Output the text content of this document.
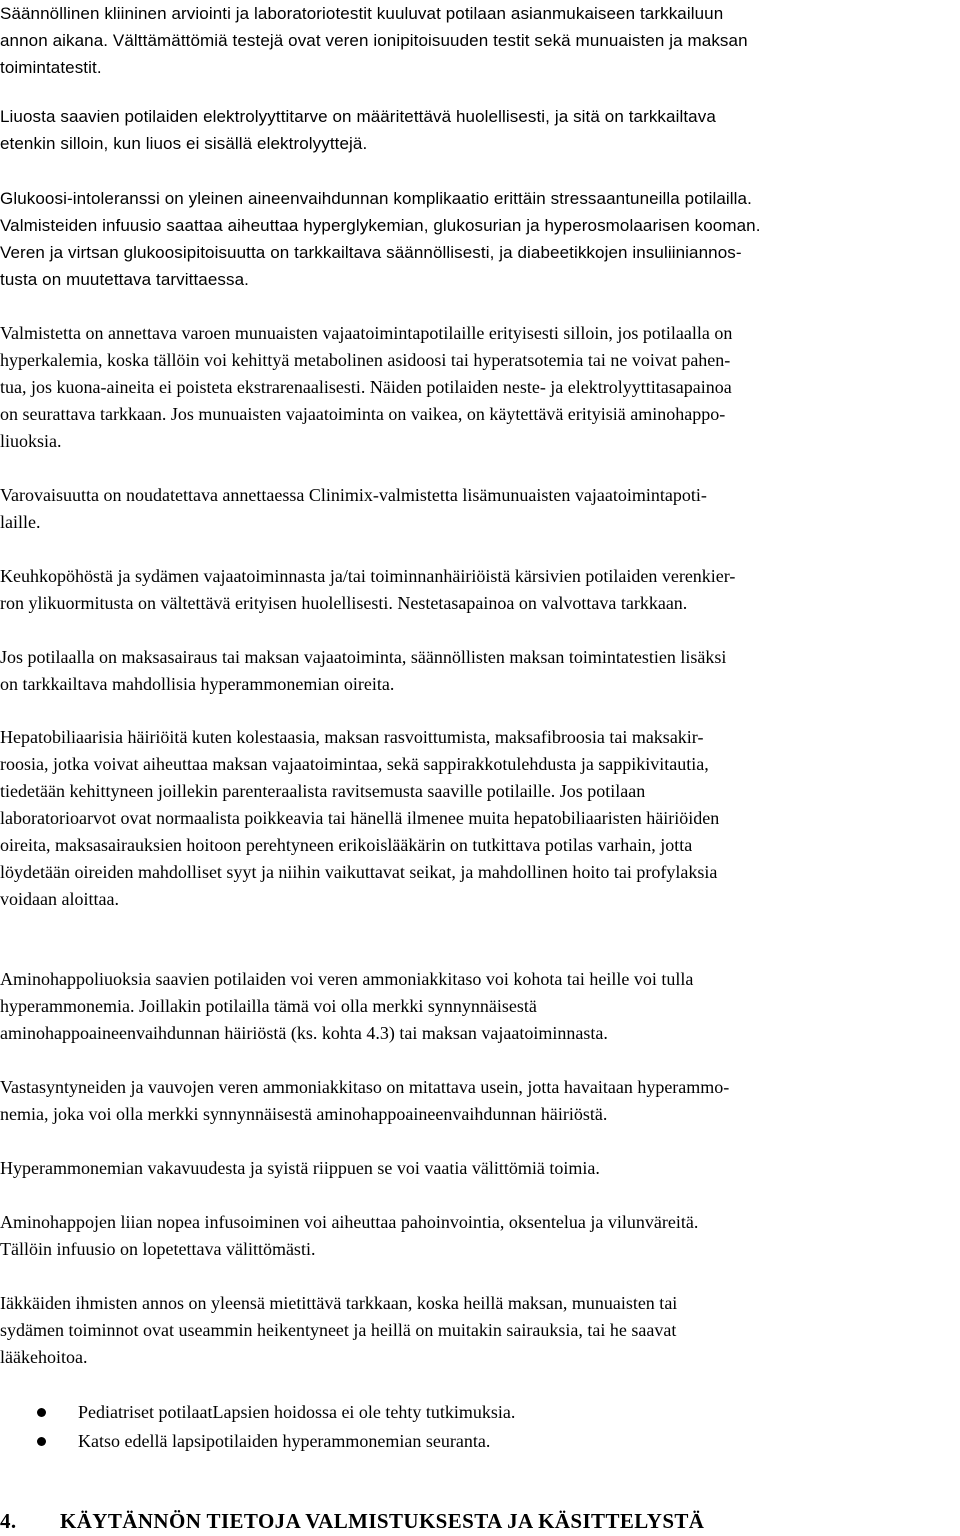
Säännöllinen kliininen arviointi ja laboratoriotestit kuuluvat potilaan asianmukaiseen tarkkailuun
annon aikana. Välttämättömiä testejä ovat veren ionipitoisuuden testit sekä munuaisten ja maksan
toimintatestit.
Liuosta saavien potilaiden elektrolyyttitarve on määritettävä huolellisesti, ja sitä on tarkkailtava
etenkin silloin, kun liuos ei sisällä elektrolyyttejä.
Glukoosi-intoleranssi on yleinen aineenvaihdunnan komplikaatio erittäin stressaantuneilla potilailla.
Valmisteiden infuusio saattaa aiheuttaa hyperglykemian, glukosurian ja hyperosmolaarisen kooman.
Veren ja virtsan glukoosipitoisuutta on tarkkailtava säännöllisesti, ja diabeetikkojen insuliiniannos-
tusta on muutettava tarvittaessa.
Valmistetta on annettava varoen munuaisten vajaatoimintapotilaille erityisesti silloin, jos potilaalla on
hyperkalemia, koska tällöin voi kehittyä metabolinen asidoosi tai hyperatsotemia tai ne voivat pahen-
tua, jos kuona-aineita ei poisteta ekstrarenaalisesti. Näiden potilaiden neste- ja elektrolyyttitasapainoa
on seurattava tarkkaan. Jos munuaisten vajaatoiminta on vaikea, on käytettävä erityisiä aminohappo-
liuoksia.
Varovaisuutta on noudatettava annettaessa Clinimix-valmistetta lisämunuaisten vajaatoimintapoti-
laille.
Keuhkopöhöstä ja sydämen vajaatoiminnasta ja/tai toiminnanhäiriöistä kärsivien potilaiden verenkier-
ron ylikuormitusta on vältettävä erityisen huolellisesti. Nestetasapainoa on valvottava tarkkaan.
Jos potilaalla on maksasairaus tai maksan vajaatoiminta, säännöllisten maksan toimintatestien lisäksi
on tarkkailtava mahdollisia hyperammonemian oireita.
Hepatobiliaarisia häiriöitä kuten kolestaasia, maksan rasvoittumista, maksafibroosia tai maksakir-
roosia, jotka voivat aiheuttaa maksan vajaatoimintaa, sekä sappirakkotulehdusta ja sappikivitautia,
tiedetään kehittyneen joillekin parenteraalista ravitsemusta saaville potilaille. Jos potilaan
laboratorioarvot ovat normaalista poikkeavia tai hänellä ilmenee muita hepatobiliaaristen häiriöiden
oireita, maksasairauksien hoitoon perehtyneen erikoislääkärin on tutkittava potilas varhain, jotta
löydetään oireiden mahdolliset syyt ja niihin vaikuttavat seikat, ja mahdollinen hoito tai profylaksia
voidaan aloittaa.
Aminohappoliuoksia saavien potilaiden voi veren ammoniakkitaso voi kohota tai heille voi tulla
hyperammonemia. Joillakin potilailla tämä voi olla merkki synnynnäisestä
aminohappoaineenvaihdunnan häiriöstä (ks. kohta 4.3) tai maksan vajaatoiminnasta.
Vastasyntyneiden ja vauvojen veren ammoniakkitaso on mitattava usein, jotta havaitaan hyperammo-
nemia, joka voi olla merkki synnynnäisestä aminohappoaineenvaihdunnan häiriöstä.
Hyperammonemian vakavuudesta ja syistä riippuen se voi vaatia välittömiä toimia.
Aminohappojen liian nopea infusoiminen voi aiheuttaa pahoinvointia, oksentelua ja vilunväreitä.
Tällöin infuusio on lopetettava välittömästi.
Iäkkäiden ihmisten annos on yleensä mietittävä tarkkaan, koska heillä maksan, munuaisten tai
sydämen toiminnot ovat useammin heikentyneet ja heillä on muitakin sairauksia, tai he saavat
lääkehoitoa.
Pediatriset potilaatLapsien hoidossa ei ole tehty tutkimuksia.
Katso edellä lapsipotilaiden hyperammonemian seuranta.
4. KÄYTÄNNÖN TIETOJA VALMISTUKSESTA JA KÄSITTELYSTÄ
